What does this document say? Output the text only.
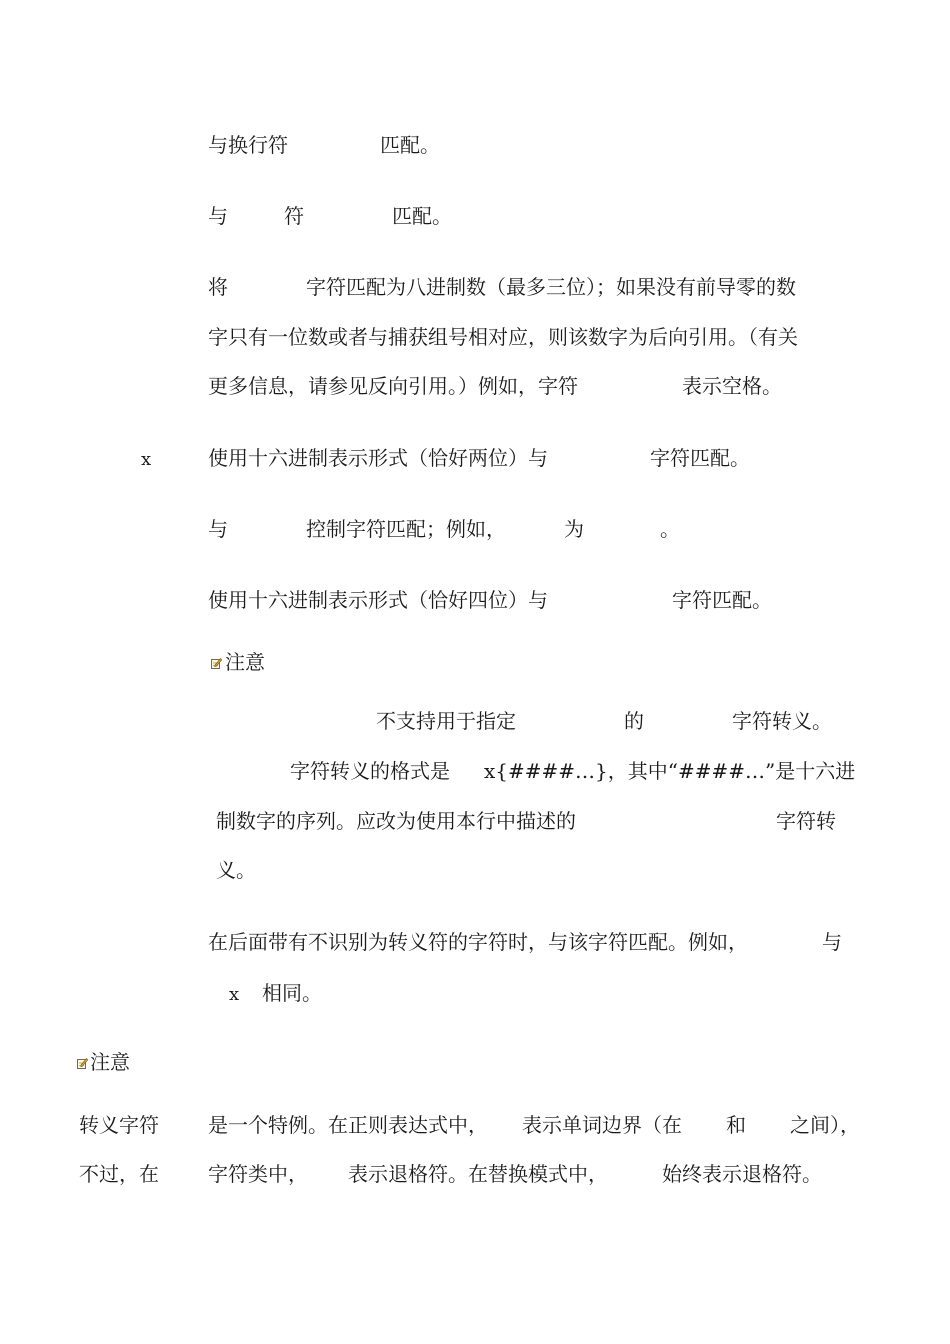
与换行符	匹配。
与	符	匹配。
将	字符匹配为八进制数（最多三位）；如果没有前导零的数
字只有一位数或者与捕获组号相对应，则该数字为后向引用。（有关
更多信息，请参见反向引用。）例如，字符	表示空格。
x	使用十六进制表示形式（恰好两位）与	字符匹配。
与	控制字符匹配；例如，	为	。
使用十六进制表示形式（恰好四位）与	字符匹配。
注意
不支持用于指定	的	字符转义。
字符转义的格式是 x{####…}，其中“####…”是十六进
制数字的序列。应改为使用本行中描述的	字符转
义。
在后面带有不识别为转义符的字符时，与该字符匹配。例如，	与
x 相同。
注意
转义字符 是一个特例。在正则表达式中， 表示单词边界（在 和 之间），
不过，在 字符类中， 表示退格符。在替换模式中，	始终表示退格符。
